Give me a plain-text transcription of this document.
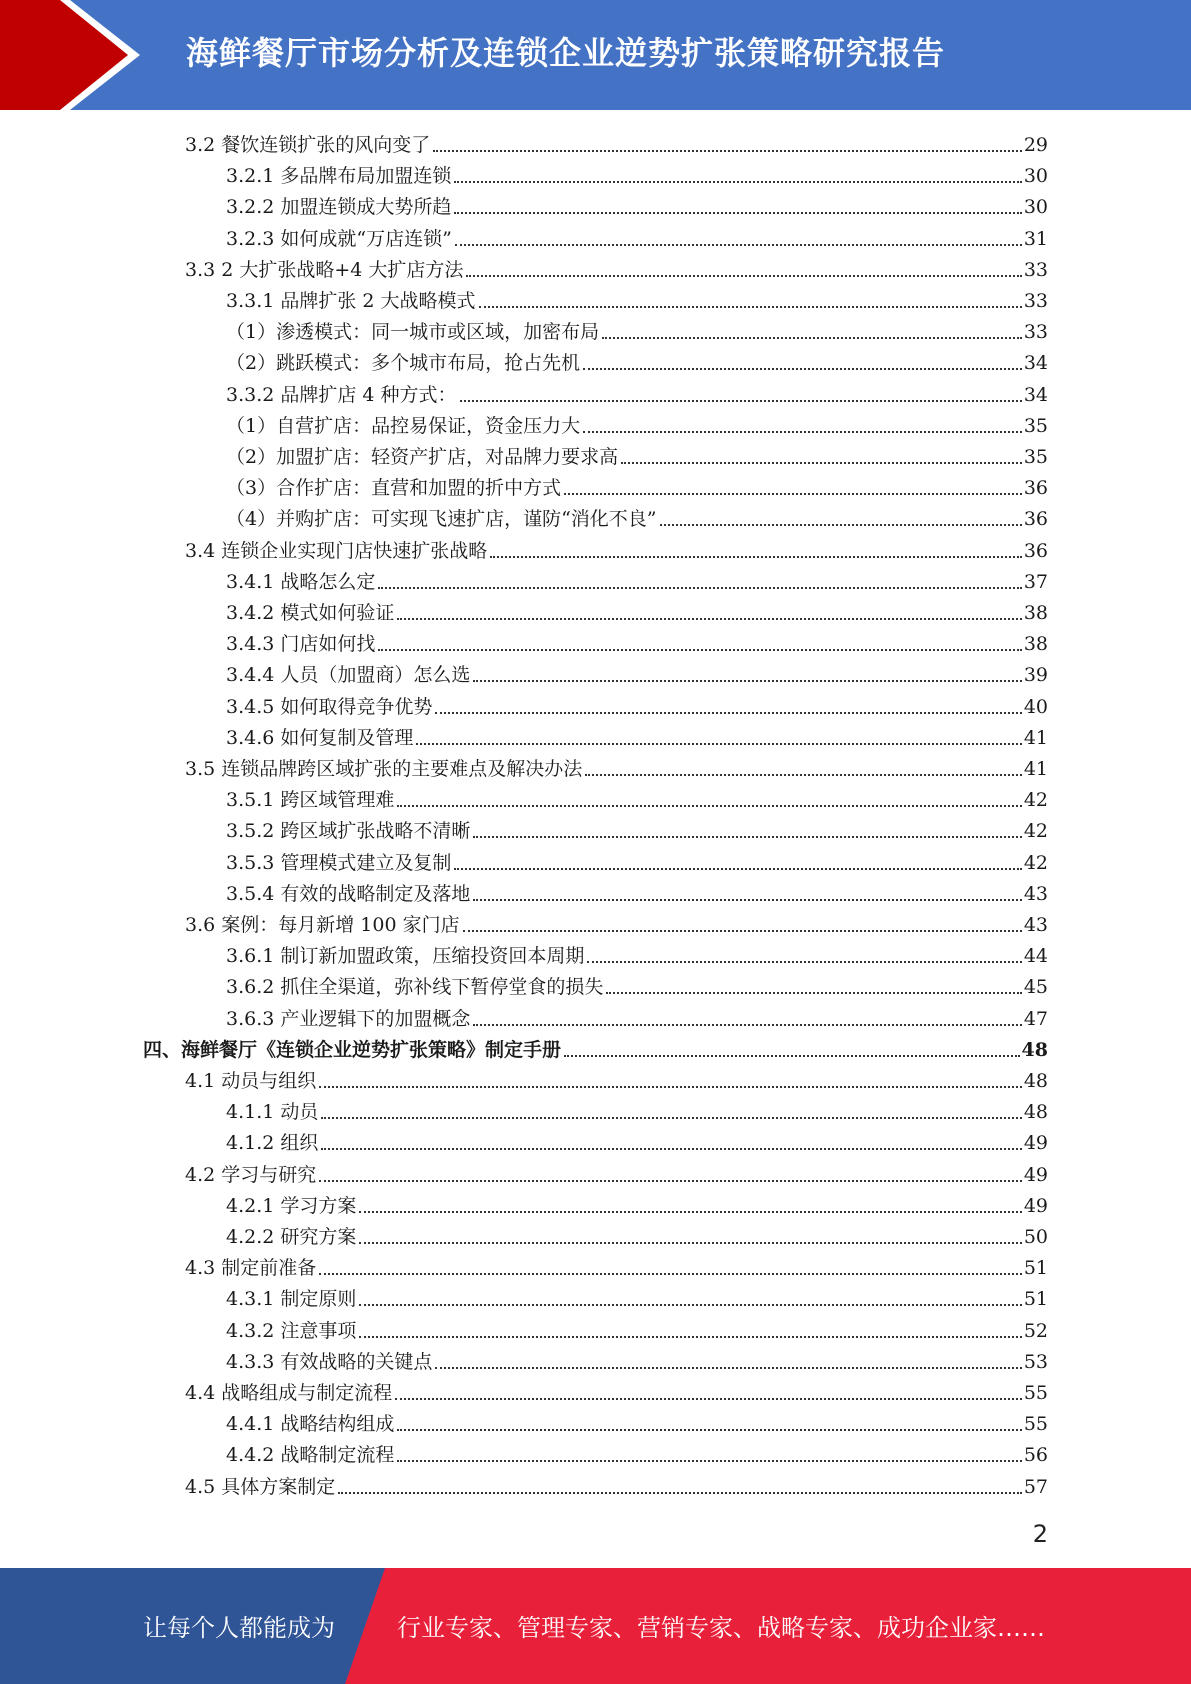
海鲜餐厅市场分析及连锁企业逆势扩张策略研究报告
3.2 餐饮连锁扩张的风向变了	29
3.2.1 多品牌布局加盟连锁	30
3.2.2 加盟连锁成大势所趋	30
3.2.3 如何成就“万店连锁”	31
3.3 2 大扩张战略+4 大扩店方法	33
3.3.1 品牌扩张 2 大战略模式	33
（1）渗透模式：同一城市或区域，加密布局	33
（2）跳跃模式：多个城市布局，抢占先机	34
3.3.2 品牌扩店 4 种方式：	34
（1）自营扩店：品控易保证，资金压力大	35
（2）加盟扩店：轻资产扩店，对品牌力要求高	35
（3）合作扩店：直营和加盟的折中方式	36
（4）并购扩店：可实现飞速扩店，谨防“消化不良”	36
3.4 连锁企业实现门店快速扩张战略	36
3.4.1 战略怎么定	37
3.4.2 模式如何验证	38
3.4.3 门店如何找	38
3.4.4 人员（加盟商）怎么选	39
3.4.5 如何取得竞争优势	40
3.4.6 如何复制及管理	41
3.5 连锁品牌跨区域扩张的主要难点及解决办法	41
3.5.1 跨区域管理难	42
3.5.2 跨区域扩张战略不清晰	42
3.5.3 管理模式建立及复制	42
3.5.4 有效的战略制定及落地	43
3.6 案例：每月新增 100 家门店	43
3.6.1 制订新加盟政策，压缩投资回本周期	44
3.6.2 抓住全渠道，弥补线下暂停堂食的损失	45
3.6.3 产业逻辑下的加盟概念	47
四、海鲜餐厅《连锁企业逆势扩张策略》制定手册	48
4.1 动员与组织	48
4.1.1 动员	48
4.1.2 组织	49
4.2 学习与研究	49
4.2.1 学习方案	49
4.2.2 研究方案	50
4.3 制定前准备	51
4.3.1 制定原则	51
4.3.2 注意事项	52
4.3.3 有效战略的关键点	53
4.4 战略组成与制定流程	55
4.4.1 战略结构组成	55
4.4.2 战略制定流程	56
4.5 具体方案制定	57
2
让每个人都能成为	行业专家、管理专家、营销专家、战略专家、成功企业家……
